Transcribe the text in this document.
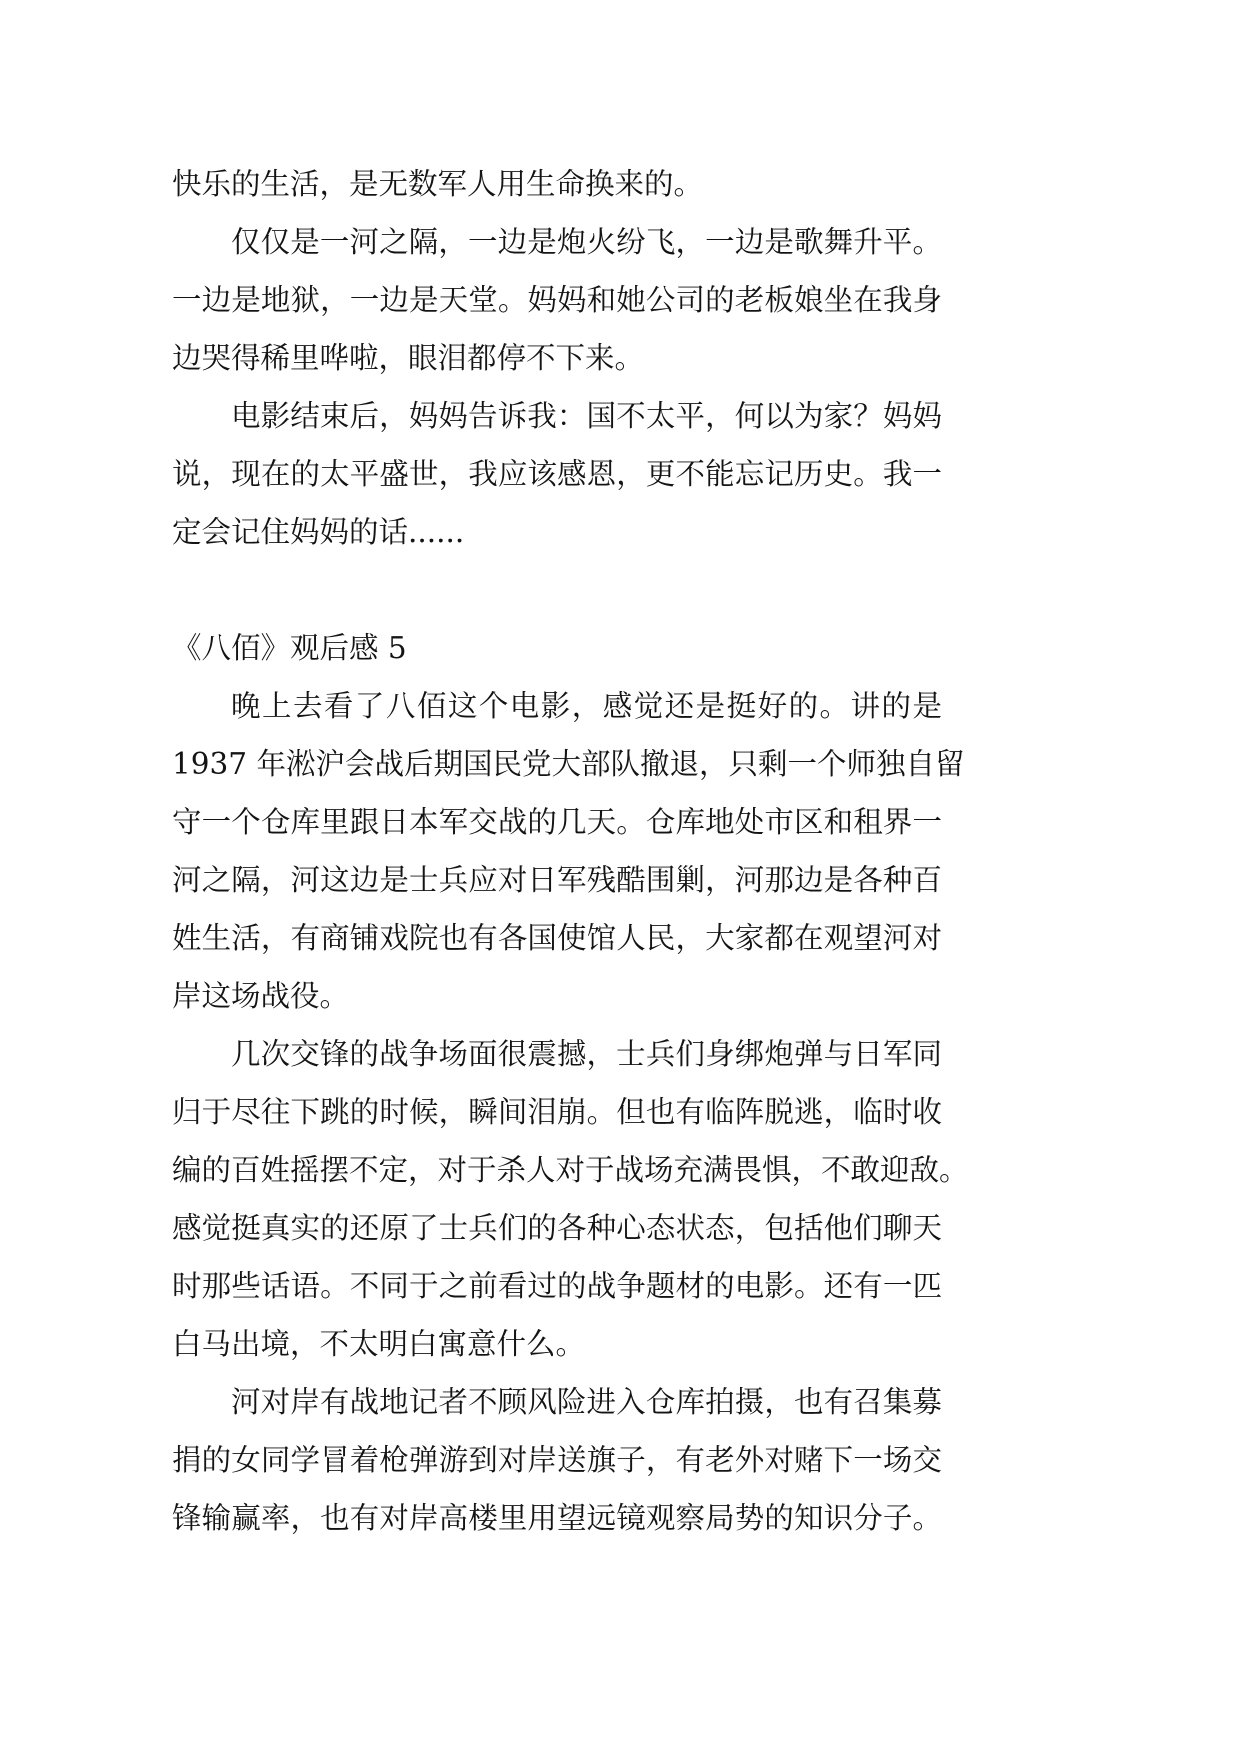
快乐的生活，是无数军人用生命换来的。
仅仅是一河之隔，一边是炮火纷飞，一边是歌舞升平。
一边是地狱，一边是天堂。妈妈和她公司的老板娘坐在我身
边哭得稀里哗啦，眼泪都停不下来。
电影结束后，妈妈告诉我：国不太平，何以为家？妈妈
说，现在的太平盛世，我应该感恩，更不能忘记历史。我一
定会记住妈妈的话......
《八佰》观后感 5
晚上去看了八佰这个电影，感觉还是挺好的。讲的是
1937 年淞沪会战后期国民党大部队撤退，只剩一个师独自留
守一个仓库里跟日本军交战的几天。仓库地处市区和租界一
河之隔，河这边是士兵应对日军残酷围剿，河那边是各种百
姓生活，有商铺戏院也有各国使馆人民，大家都在观望河对
岸这场战役。
几次交锋的战争场面很震撼，士兵们身绑炮弹与日军同
归于尽往下跳的时候，瞬间泪崩。但也有临阵脱逃，临时收
编的百姓摇摆不定，对于杀人对于战场充满畏惧，不敢迎敌。
感觉挺真实的还原了士兵们的各种心态状态，包括他们聊天
时那些话语。不同于之前看过的战争题材的电影。还有一匹
白马出境，不太明白寓意什么。
河对岸有战地记者不顾风险进入仓库拍摄，也有召集募
捐的女同学冒着枪弹游到对岸送旗子，有老外对赌下一场交
锋输赢率，也有对岸高楼里用望远镜观察局势的知识分子。
